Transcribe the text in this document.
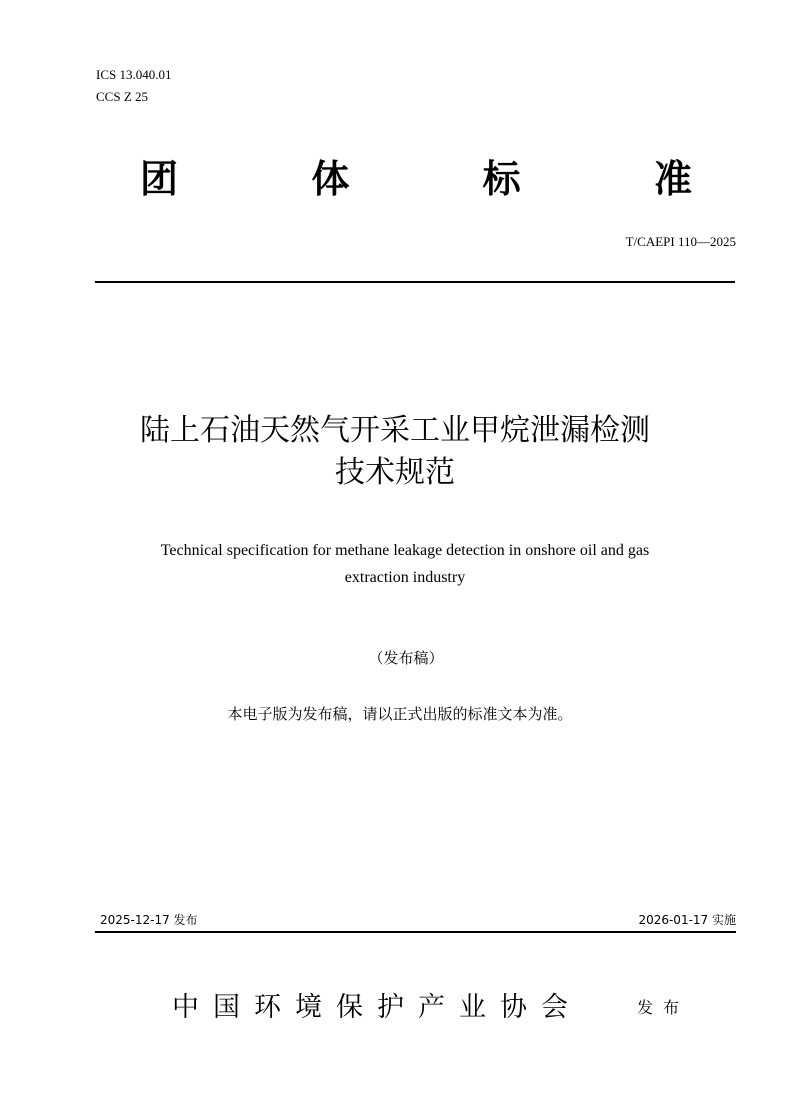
ICS 13.040.01
CCS Z 25
团	体	标	准
T/CAEPI 110—2025
陆上石油天然气开采工业甲烷泄漏检测
技术规范
Technical specification for methane leakage detection in onshore oil and gas
extraction industry
（发布稿）
本电子版为发布稿，请以正式出版的标准文本为准。
2025-12-17 发布	2026-01-17 实施
中国环境保护产业协会	发布
